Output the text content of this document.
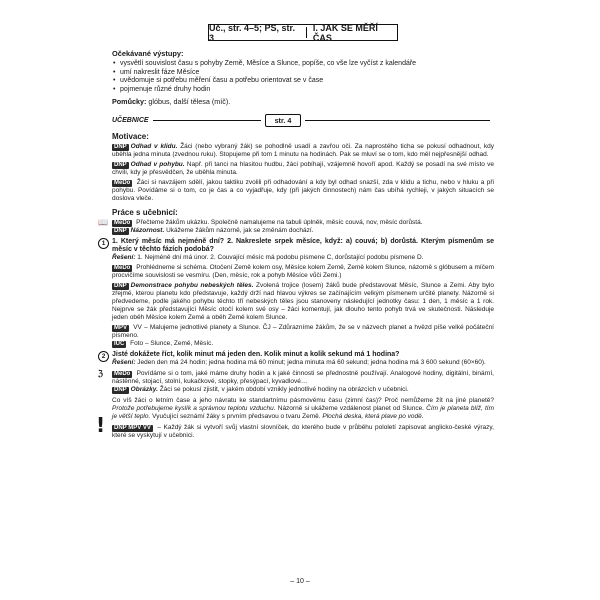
Uč., str. 4–5; PS, str. 3
I. JAK SE MĚŘÍ ČAS
Očekávané výstupy:
• vysvětlí souvislost času s pohyby Země, Měsíce a Slunce, popíše, co vše lze vyčíst z kalendáře
• umí nakreslit fáze Měsíce
• uvědomuje si potřebu měření času a potřebu orientovat se v čase
• pojmenuje různé druhy hodin
Pomůcky: glóbus, další tělesa (míč).
UČEBNICE	str. 4
Motivace:
DNP Odhad v klidu. Žáci (nebo vybraný žák) se pohodlně usadí a zavřou oči. Za naprostého ticha se pokusí odhadnout, kdy uběhla jedna minuta (zvednou ruku). Stopujeme při tom 1 minutu na hodinách. Pak se mluví se o tom, kdo měl nejpřesnější odhad.
DNP Odhad v pohybu. Např. při tanci na hlasitou hudbu, žáci pobíhají, vzájemně hovoří apod. Každý se posadí na své místo ve chvíli, kdy je přesvědčen, že uběhla minuta.
MeDo Žáci si navzájem sdělí, jakou taktiku zvolili při odhadování a kdy byl odhad snazší, zda v klidu a tichu, nebo v hluku a při pohybu. Povídáme si o tom, co je čas a co vyjadřuje, kdy (při jakých činnostech) nám čas ubíhá rychleji, v jakých situacích se doslova vleče.
Práce s učebnicí:
📖 MeDo Přečteme žákům ukázku. Společně namalujeme na tabuli úplněk, měsíc couvá, nov, měsíc dorůstá.
DNP Názornost. Ukážeme žákům názorně, jak se změnám dochází.
1 1. Který měsíc má nejméně dní? 2. Nakreslete srpek měsíce, když: a) couvá; b) dorůstá. Kterým písmenům se měsíc v těchto fázích podobá?
Řešení: 1. Nejméně dní má únor. 2. Couvající měsíc má podobu písmene C, dorůstající podobu písmene D.
MeDo Prohlédneme si schéma. Otočení Země kolem osy, Měsíce kolem Země, Země kolem Slunce, názorně s glóbusem a míčem procvičíme souvislosti se vesmíru. (Den, měsíc, rok a pohyb Měsíce vůči Zemi.)
DNP Demonstrace pohybu nebeských těles. Zvolená trojice (losem) žáků bude představovat Měsíc, Slunce a Zemi. Aby bylo zřejmé, kterou planetu kdo představuje, každý drží nad hlavou výkres se začínajícím velkým písmenem určité planety. Názorně si předvedeme, podle jakého pohybu těchto tří nebeských těles jsou stanoveny následující jednotky času: 1 den, 1 měsíc a 1 rok. Nejprve se žák představující Měsíc otočí kolem své osy – žáci komentují, jak dlouho tento pohyb trvá ve skutečnosti. Následuje jeden oběh Měsíce kolem Země a oběh Země kolem Slunce.
MPV VV – Malujeme jednotlivé planety a Slunce. ČJ – Zdůrazníme žákům, že se v názvech planet a hvězd píše velké počáteční písmeno.
IUC Foto – Slunce, Země, Měsíc.
2 Jisté dokážete říct, kolik minut má jeden den. Kolik minut a kolik sekund má 1 hodina?
Řešení: Jeden den má 24 hodin; jedna hodina má 60 minut; jedna minuta má 60 sekund; jedna hodina má 3 600 sekund (60×60).
ℨ MeDo Povídáme si o tom, jaké máme druhy hodin a k jaké činnosti se přednostně používají. Analogové hodiny, digitální, binární, nástěnné, stojací, stolní, kukačkové, stopky, přesýpací, kyvadlové…
DNP Obrázky. Žáci se pokusí zjistit, v jakém období vznikly jednotlivé hodiny na obrázcích v učebnici.
Co víš žáci o letním čase a jeho návratu ke standartnímu pásmovému času (zimní čas)? Proč nemůžeme žít na jiné planetě? Protože potřebujeme kyslík a správnou teplotu vzduchu. Názorně si ukážeme vzdálenost planet od Slunce. Čím je planeta blíž, tím je větší teplo. Vyučující seznámí žáky s prvním předsavou o tvaru Země. Plochá deska, která plave po vodě.
! DNP MPV VV – Každý žák si vytvoří svůj vlastní slovníček, do kterého bude v průběhu pololetí zapisovat anglicko-české výrazy, které se vyskytují v učebnici.
– 10 –
